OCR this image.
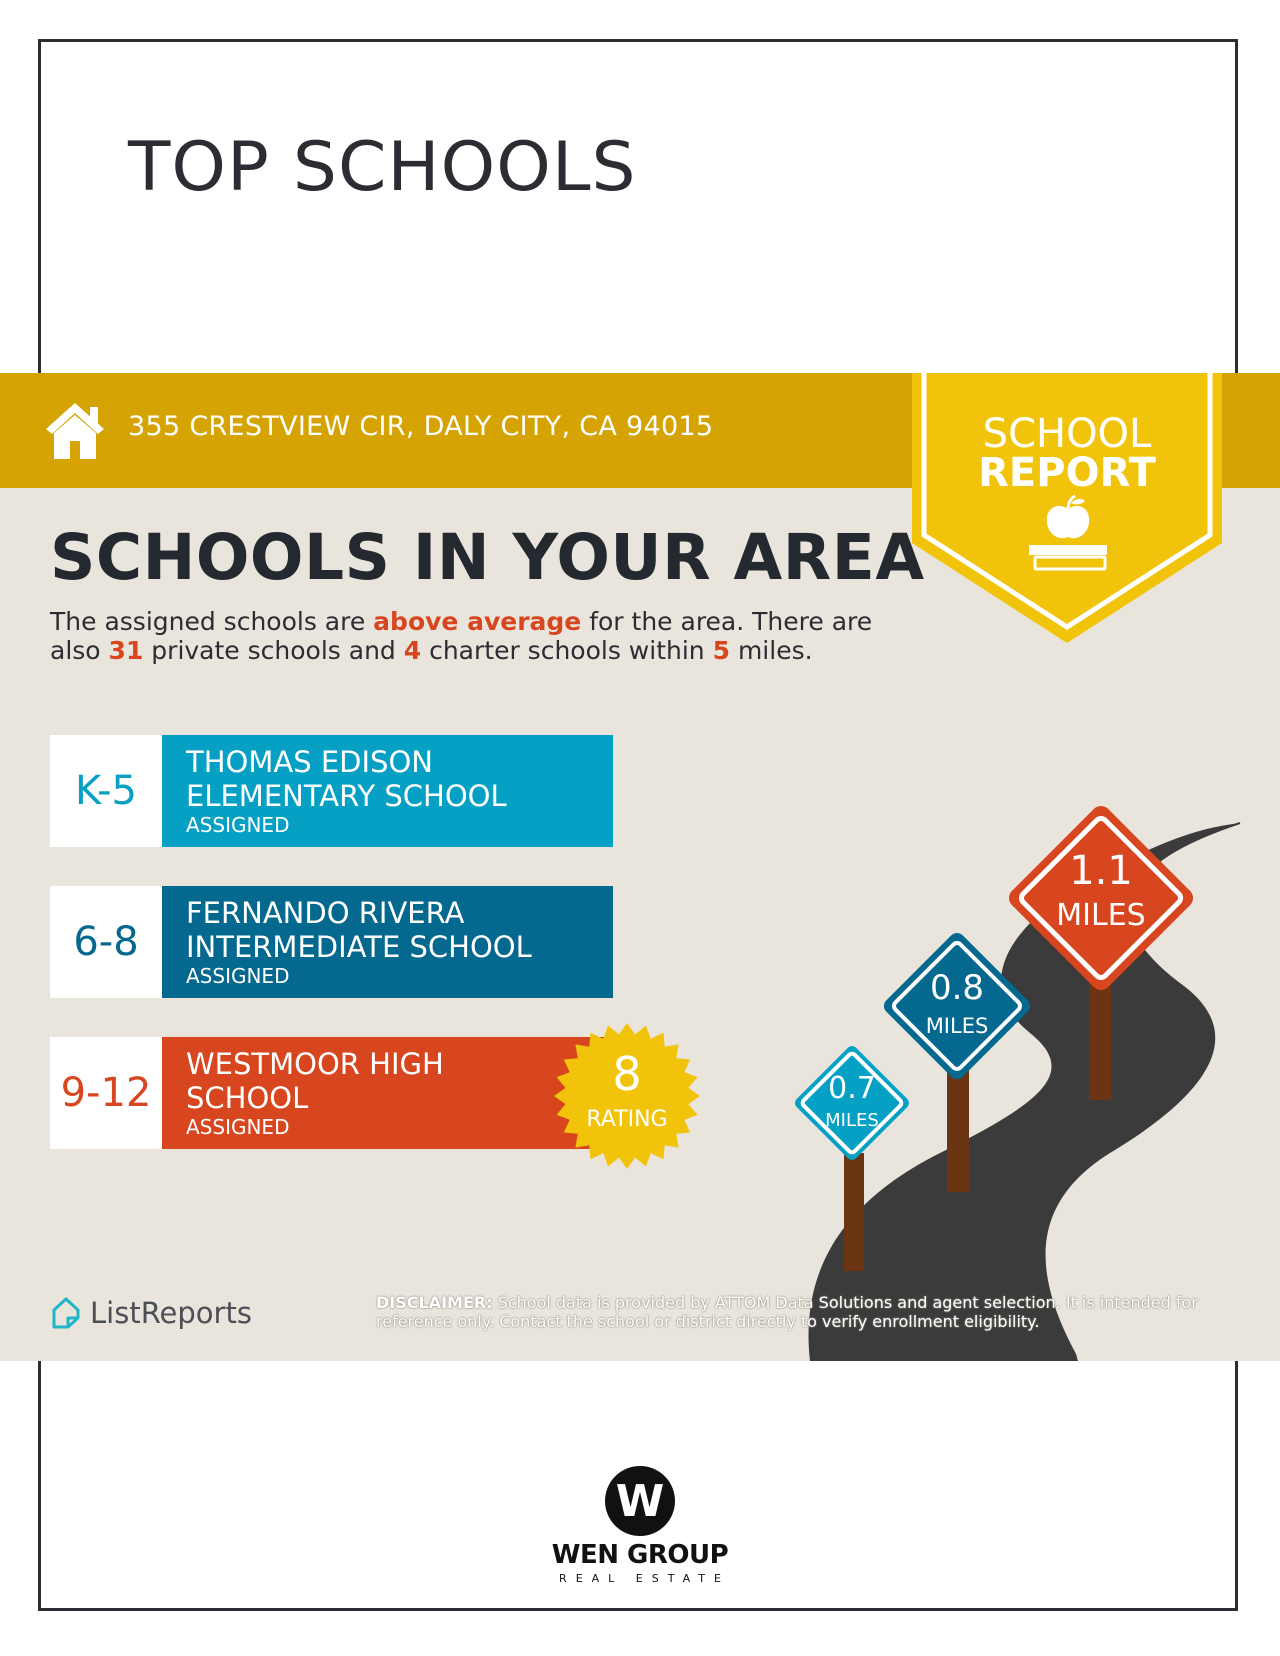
TOP SCHOOLS
355 CRESTVIEW CIR, DALY CITY, CA 94015	SCHOOL
REPORT
SCHOOLS IN YOUR AREA

The assigned schools are above average for the area. There are also 31 private schools and 4 charter schools within 5 miles.

K-5
THOMAS EDISON ELEMENTARY SCHOOL
ASSIGNED
6-8
FERNANDO RIVERA INTERMEDIATE SCHOOL
ASSIGNED
9-12
WESTMOOR HIGH SCHOOL
ASSIGNED
8
RATING
0.7
MILES
0.8
MILES
1.1
MILES
ListReports	DISCLAIMER: School data is provided by ATTOM Data Solutions and agent selection. It is intended for reference only. Contact the school or district directly to verify enrollment eligibility.
W
WEN GROUP
REAL ESTATE
